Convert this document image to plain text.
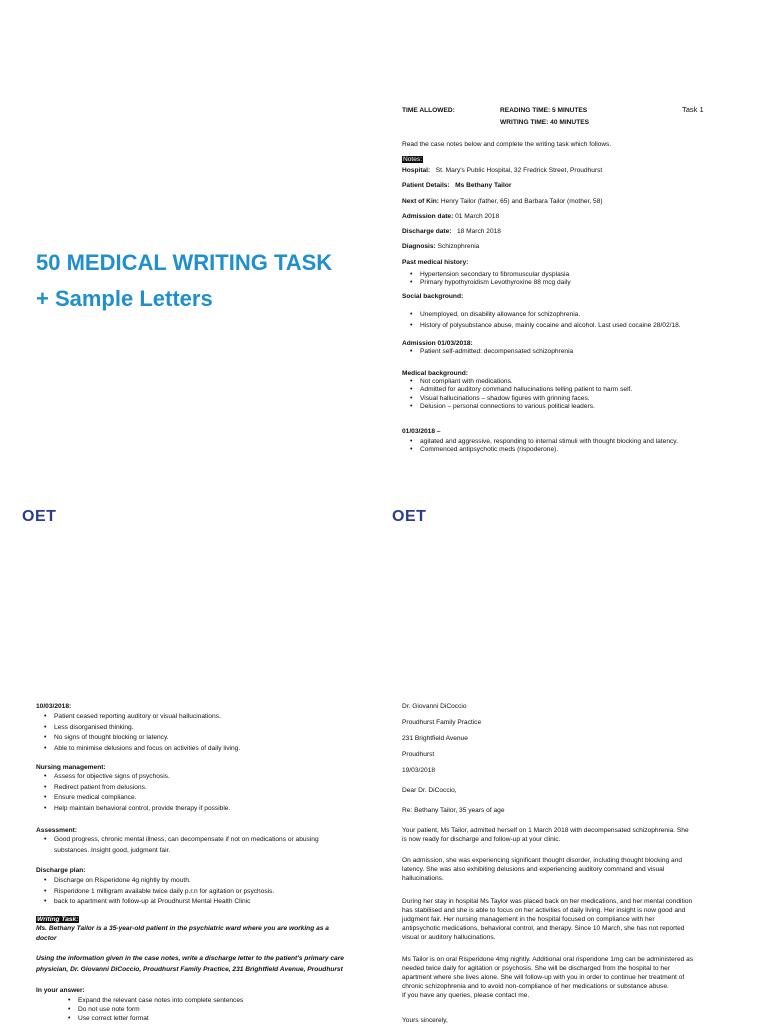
50 MEDICAL WRITING TASK
+ Sample Letters
OET	OET
TIME ALLOWED:	READING TIME: 5 MINUTES
WRITING TIME: 40 MINUTES
Task 1
Read the case notes below and complete the writing task which follows.
Notes:
Hospital: St. Mary's Public Hospital, 32 Fredrick Street, Proudhurst
Patient Details: Ms Bethany Tailor
Next of Kin: Henry Tailor (father, 65) and Barbara Tailor (mother, 58)
Admission date: 01 March 2018
Discharge date: 18 March 2018
Diagnosis: Schizophrenia
Past medical history:
• Hypertension secondary to fibromuscular dysplasia
• Primary hypothyroidism Levothyroxine 88 mcg daily
Social background:
• Unemployed, on disability allowance for schizophrenia.
• History of polysubstance abuse, mainly cocaine and alcohol. Last used cocaine 28/02/18.
Admission 01/03/2018:
• Patient self-admitted: decompensated schizophrenia
Medical background:
• Not compliant with medications.
• Admitted for auditory command hallucinations telling patient to harm self.
• Visual hallucinations – shadow figures with grinning faces.
• Delusion – personal connections to various political leaders.
01/03/2018 –
• agitated and aggressive, responding to internal stimuli with thought blocking and latency.
• Commenced antipsychotic meds (rispoderone).
10/03/2018:
• Patient ceased reporting auditory or visual hallucinations.
• Less disorganised thinking.
• No signs of thought blocking or latency.
• Able to minimise delusions and focus on activities of daily living.
Nursing management:
• Assess for objective signs of psychosis.
• Redirect patient from delusions.
• Ensure medical compliance.
• Help maintain behavioral control, provide therapy if possible.
Assessment:
• Good progress, chronic mental illness, can decompensate if not on medications or abusing
substances. Insight good, judgment fair.
Discharge plan:
• Discharge on Risperidone 4g nightly by mouth.
• Risperidone 1 milligram available twice daily p.r.n for agitation or psychosis.
• back to apartment with follow-up at Proudhurst Mental Health Clinic
Writing Task:
Ms. Bethany Tailor is a 35-year-old patient in the psychiatric ward where you are working as a
doctor
Using the information given in the case notes, write a discharge letter to the patient's primary care
physician, Dr. Giovanni DiCoccio, Proudhurst Family Practice, 231 Brightfield Avenue, Proudhurst
In your answer:
• Expand the relevant case notes into complete sentences
• Do not use note form
• Use correct letter format
Dr. Giovanni DiCoccio
Proudhurst Family Practice
231 Brightfield Avenue
Proudhurst
19/03/2018
Dear Dr. DiCoccio,
Re: Bethany Tailor, 35 years of age
Your patient, Ms Tailor, admitted herself on 1 March 2018 with decompensated schizophrenia. She
is now ready for discharge and follow-up at your clinic.
On admission, she was experiencing significant thought disorder, including thought blocking and
latency. She was also exhibiting delusions and experiencing auditory command and visual
hallucinations.
During her stay in hospital Ms Taylor was placed back on her medications, and her mental condition
has stabilised and she is able to focus on her activities of daily living. Her insight is now good and
judgment fair. Her nursing management in the hospital focused on compliance with her
antipsychotic medications, behavioral control, and therapy. Since 10 March, she has not reported
visual or auditory hallucinations.
Ms Tailor is on oral Risperidone 4mg nightly. Additional oral risperidone 1mg can be administered as
needed twice daily for agitation or psychosis. She will be discharged from the hospital to her
apartment where she lives alone. She will follow-up with you in order to continue her treatment of
chronic schizophrenia and to avoid non-compliance of her medications or substance abuse.
If you have any queries, please contact me.
Yours sincerely,
